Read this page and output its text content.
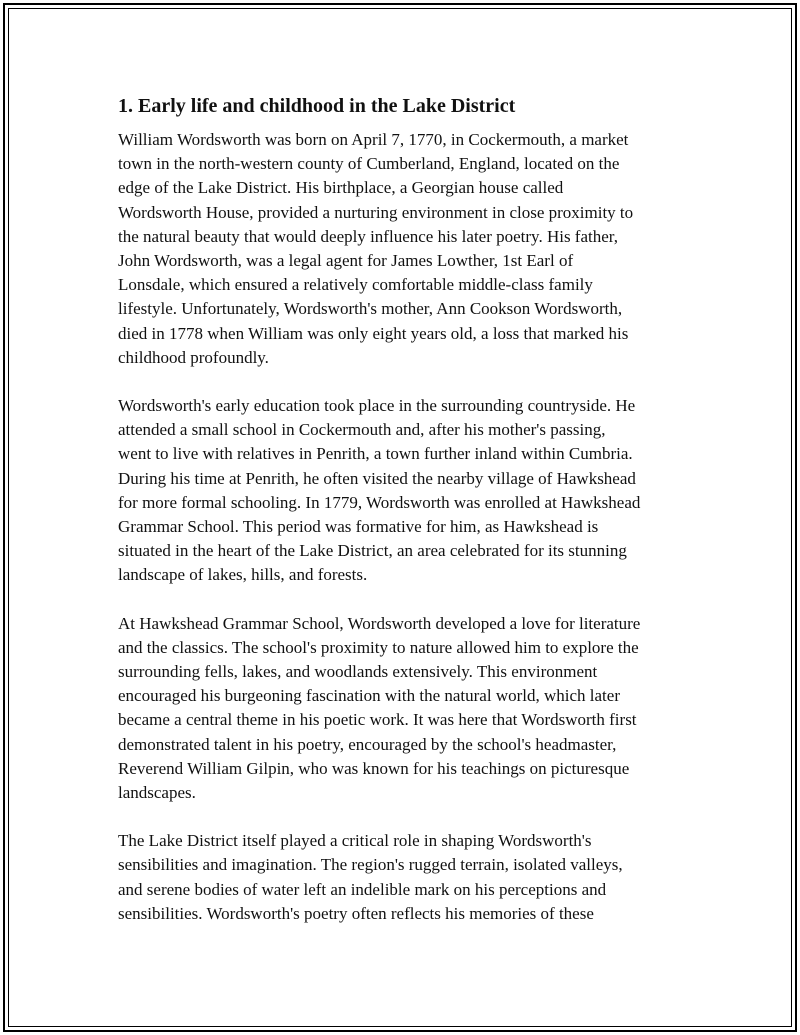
1. Early life and childhood in the Lake District
William Wordsworth was born on April 7, 1770, in Cockermouth, a market
town in the north-western county of Cumberland, England, located on the
edge of the Lake District. His birthplace, a Georgian house called
Wordsworth House, provided a nurturing environment in close proximity to
the natural beauty that would deeply influence his later poetry. His father,
John Wordsworth, was a legal agent for James Lowther, 1st Earl of
Lonsdale, which ensured a relatively comfortable middle-class family
lifestyle. Unfortunately, Wordsworth's mother, Ann Cookson Wordsworth,
died in 1778 when William was only eight years old, a loss that marked his
childhood profoundly.
Wordsworth's early education took place in the surrounding countryside. He
attended a small school in Cockermouth and, after his mother's passing,
went to live with relatives in Penrith, a town further inland within Cumbria.
During his time at Penrith, he often visited the nearby village of Hawkshead
for more formal schooling. In 1779, Wordsworth was enrolled at Hawkshead
Grammar School. This period was formative for him, as Hawkshead is
situated in the heart of the Lake District, an area celebrated for its stunning
landscape of lakes, hills, and forests.
At Hawkshead Grammar School, Wordsworth developed a love for literature
and the classics. The school's proximity to nature allowed him to explore the
surrounding fells, lakes, and woodlands extensively. This environment
encouraged his burgeoning fascination with the natural world, which later
became a central theme in his poetic work. It was here that Wordsworth first
demonstrated talent in his poetry, encouraged by the school's headmaster,
Reverend William Gilpin, who was known for his teachings on picturesque
landscapes.
The Lake District itself played a critical role in shaping Wordsworth's
sensibilities and imagination. The region's rugged terrain, isolated valleys,
and serene bodies of water left an indelible mark on his perceptions and
sensibilities. Wordsworth's poetry often reflects his memories of these
